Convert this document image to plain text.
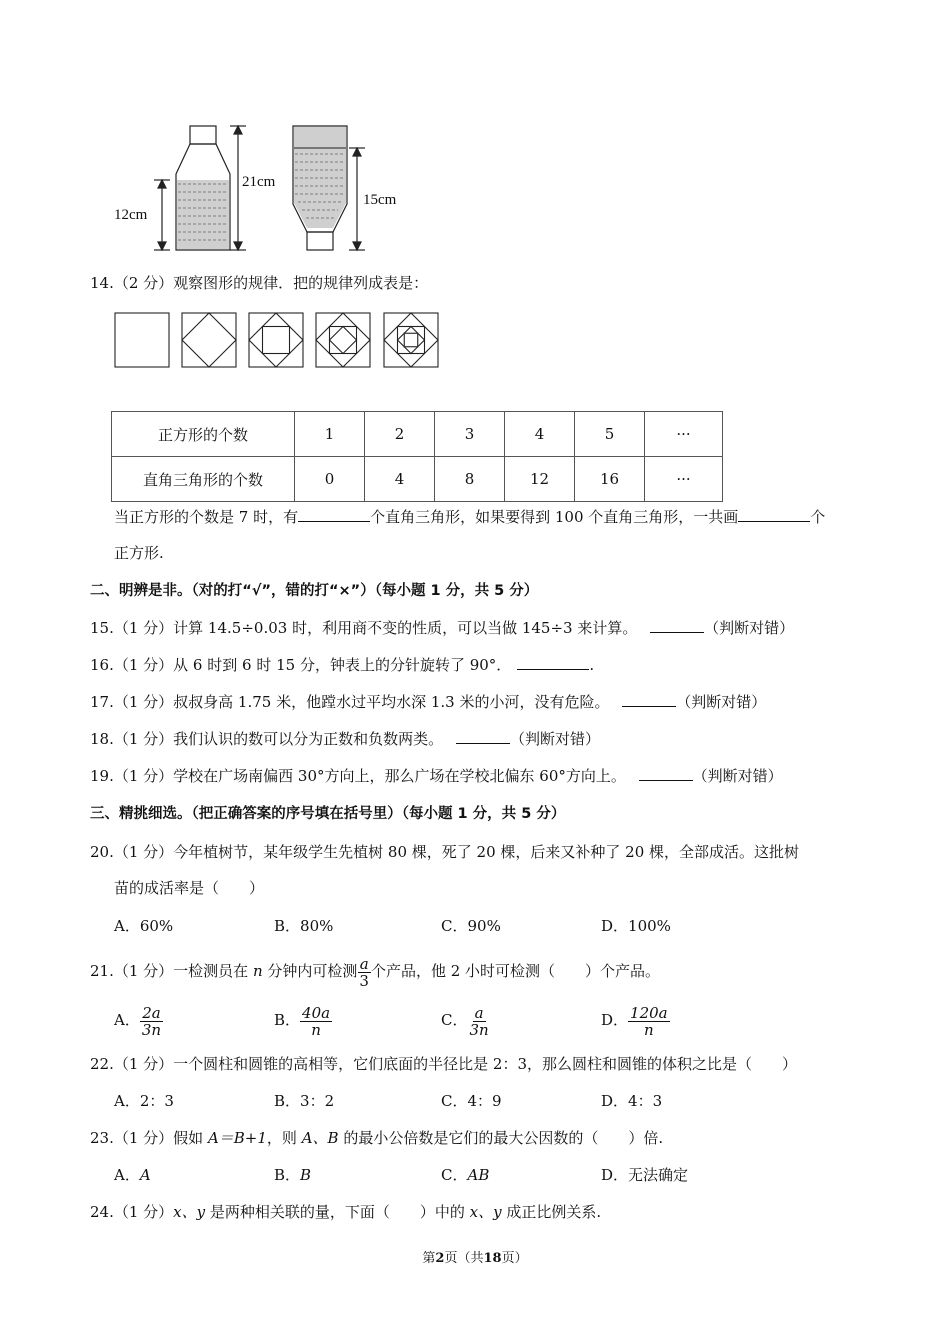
12cm
21cm
15cm
14.（2 分）观察图形的规律．把的规律列成表是：
正方形的个数	1	2	3	4	5	···
直角三角形的个数	0	4	8	12	16	···
当正方形的个数是 7 时，有	个直角三角形，如果要得到 100 个直角三角形，一共画	个
正方形.
二、明辨是非。（对的打“√”，错的打“×”）（每小题 1 分，共 5 分）
15.（1 分）计算 14.5÷0.03 时，利用商不变的性质，可以当做 145÷3 来计算。	（判断对错）
16.（1 分）从 6 时到 6 时 15 分，钟表上的分针旋转了 90°．	.
17.（1 分）叔叔身高 1.75 米，他蹚水过平均水深 1.3 米的小河，没有危险。	（判断对错）
18.（1 分）我们认识的数可以分为正数和负数两类。	（判断对错）
19.（1 分）学校在广场南偏西 30°方向上，那么广场在学校北偏东 60°方向上。	（判断对错）
三、精挑细选。（把正确答案的序号填在括号里）（每小题 1 分，共 5 分）
20.（1 分）今年植树节，某年级学生先植树 80 棵，死了 20 棵，后来又补种了 20 棵，全部成活。这批树
苗的成活率是（　　）
A．60%	B．80%	C．90%	D．100%
21.（1 分）一检测员在 n 分钟内可检测 $\frac{a}{3}$ 个产品，他 2 小时可检测（　　）个产品。
A． $\frac{2a}{3n}$	B． $\frac{40a}{n}$	C． $\frac{a}{3n}$	D． $\frac{120a}{n}$
22.（1 分）一个圆柱和圆锥的高相等，它们底面的半径比是 2：3，那么圆柱和圆锥的体积之比是（　　）
A．2：3	B．3：2	C．4：9	D．4：3
23.（1 分）假如 A＝B+1，则 A、B 的最小公倍数是它们的最大公因数的（　　）倍.
A．A	B．B	C．AB	D．无法确定
24.（1 分）x、y 是两种相关联的量，下面（　　）中的 x、y 成正比例关系.
第2页（共18页）
